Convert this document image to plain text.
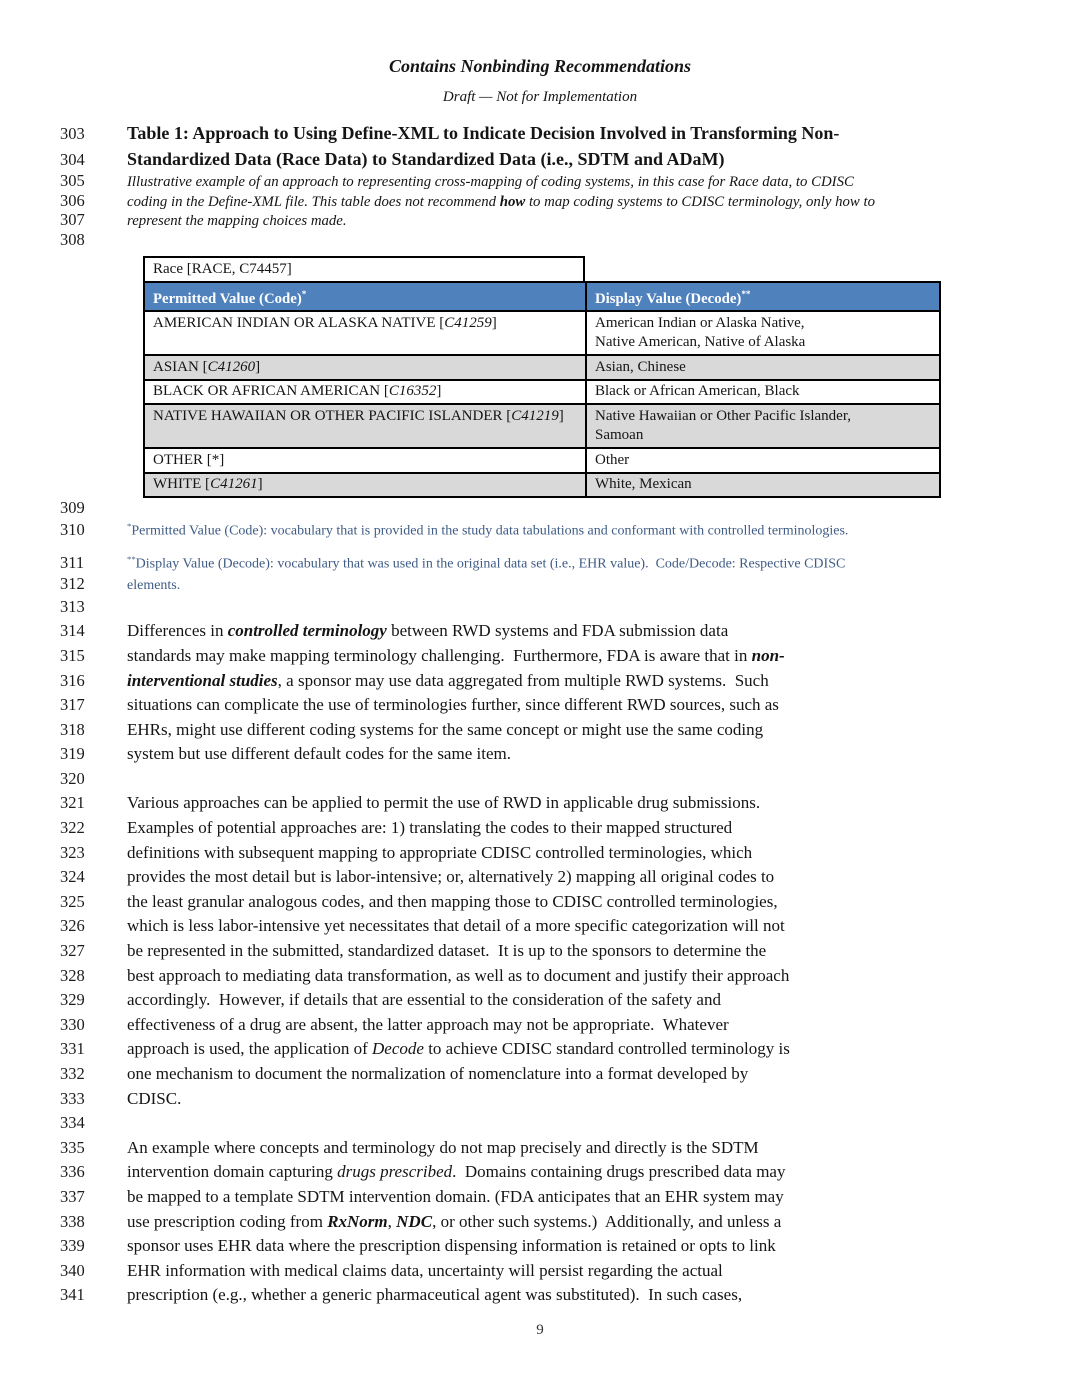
Contains Nonbinding Recommendations
Draft — Not for Implementation
303	Table 1: Approach to Using Define-XML to Indicate Decision Involved in Transforming Non-
304	Standardized Data (Race Data) to Standardized Data (i.e., SDTM and ADaM)
305	Illustrative example of an approach to representing cross-mapping of coding systems, in this case for Race data, to CDISC
306	coding in the Define-XML file. This table does not recommend how to map coding systems to CDISC terminology, only how to
307	represent the mapping choices made.
308
Race [RACE, C74457]
Permitted Value (Code)*	Display Value (Decode)**
AMERICAN INDIAN OR ALASKA NATIVE [C41259]	American Indian or Alaska Native,
Native American, Native of Alaska
ASIAN [C41260]	Asian, Chinese
BLACK OR AFRICAN AMERICAN [C16352]	Black or African American, Black
NATIVE HAWAIIAN OR OTHER PACIFIC ISLANDER [C41219]	Native Hawaiian or Other Pacific Islander,
Samoan
OTHER [*]	Other
WHITE [C41261]	White, Mexican
309
310	*Permitted Value (Code): vocabulary that is provided in the study data tabulations and conformant with controlled terminologies.
311	**Display Value (Decode): vocabulary that was used in the original data set (i.e., EHR value).  Code/Decode: Respective CDISC
312	elements.
313
314	Differences in controlled terminology between RWD systems and FDA submission data
315	standards may make mapping terminology challenging.  Furthermore, FDA is aware that in non-
316	interventional studies, a sponsor may use data aggregated from multiple RWD systems.  Such
317	situations can complicate the use of terminologies further, since different RWD sources, such as
318	EHRs, might use different coding systems for the same concept or might use the same coding
319	system but use different default codes for the same item.
320
321	Various approaches can be applied to permit the use of RWD in applicable drug submissions.
322	Examples of potential approaches are: 1) translating the codes to their mapped structured
323	definitions with subsequent mapping to appropriate CDISC controlled terminologies, which
324	provides the most detail but is labor-intensive; or, alternatively 2) mapping all original codes to
325	the least granular analogous codes, and then mapping those to CDISC controlled terminologies,
326	which is less labor-intensive yet necessitates that detail of a more specific categorization will not
327	be represented in the submitted, standardized dataset.  It is up to the sponsors to determine the
328	best approach to mediating data transformation, as well as to document and justify their approach
329	accordingly.  However, if details that are essential to the consideration of the safety and
330	effectiveness of a drug are absent, the latter approach may not be appropriate.  Whatever
331	approach is used, the application of Decode to achieve CDISC standard controlled terminology is
332	one mechanism to document the normalization of nomenclature into a format developed by
333	CDISC.
334
335	An example where concepts and terminology do not map precisely and directly is the SDTM
336	intervention domain capturing drugs prescribed.  Domains containing drugs prescribed data may
337	be mapped to a template SDTM intervention domain. (FDA anticipates that an EHR system may
338	use prescription coding from RxNorm, NDC, or other such systems.)  Additionally, and unless a
339	sponsor uses EHR data where the prescription dispensing information is retained or opts to link
340	EHR information with medical claims data, uncertainty will persist regarding the actual
341	prescription (e.g., whether a generic pharmaceutical agent was substituted).  In such cases,
9
